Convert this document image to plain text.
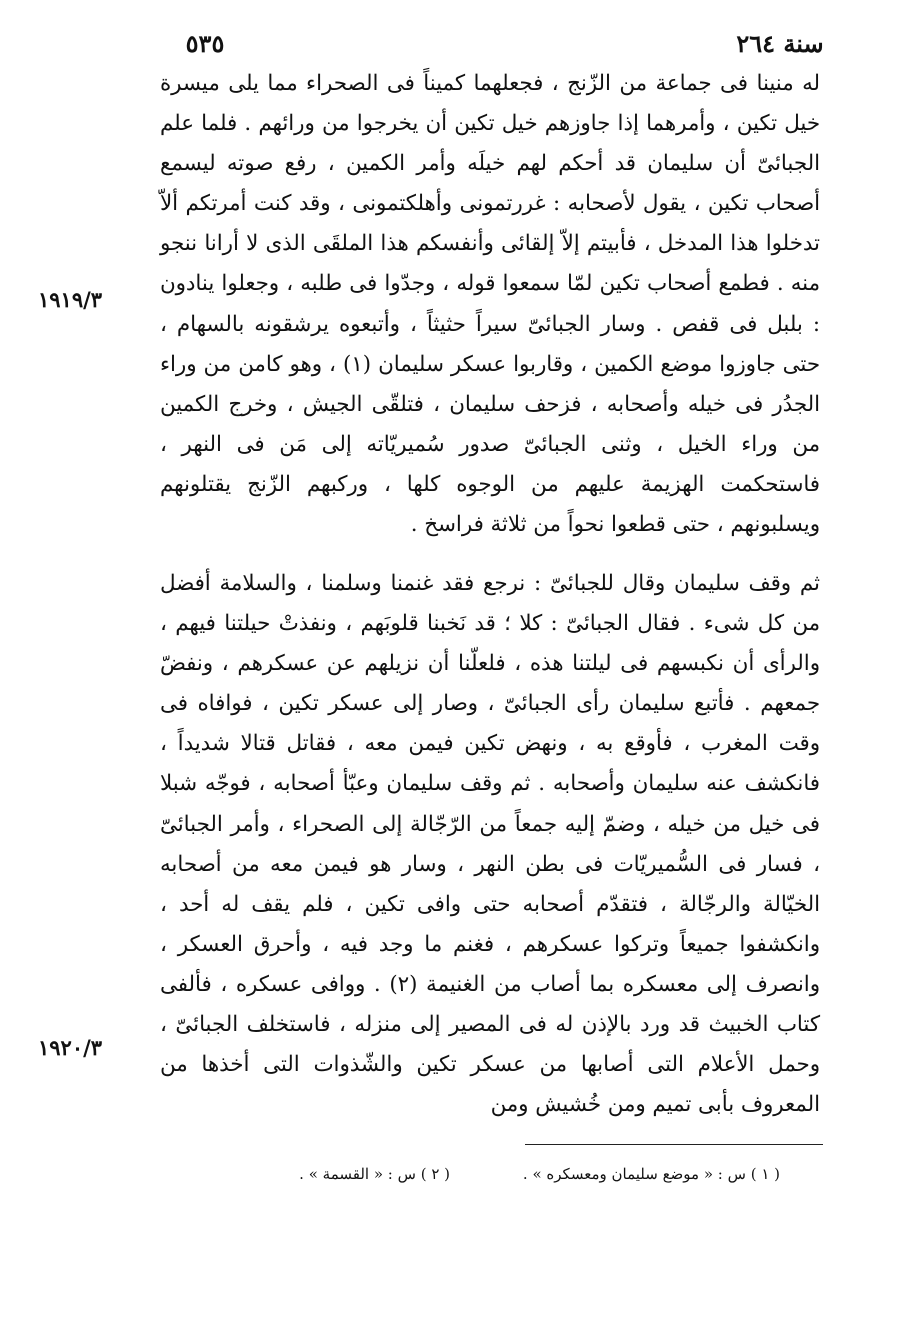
سنة ٢٦٤
٥٣٥

له منينا فى جماعة من الزّنج ، فجعلهما كميناً فى الصحراء مما يلى ميسرة خيل تكين ، وأمرهما إذا جاوزهم خيل تكين أن يخرجوا من ورائهم . فلما علم الجبائىّ أن سليمان قد أحكم لهم خيلَه وأمر الكمين ، رفع صوته ليسمع أصحاب تكين ، يقول لأصحابه : غررتمونى وأهلكتمونى ، وقد كنت أمرتكم ألاّ تدخلوا هذا المدخل ، فأبيتم إلاّ إلقائى وأنفسكم هذا الملقَى الذى لا أرانا ننجو منه . فطمع أصحاب تكين لمّا سمعوا قوله ، وجدّوا فى طلبه ، وجعلوا ينادون : بلبل فى قفص . وسار الجبائىّ سيراً حثيثاً ، وأتبعوه يرشقونه بالسهام ، حتى جاوزوا موضع الكمين ، وقاربوا عسكر سليمان (١) ، وهو كامن من وراء الجدُر فى خيله وأصحابه ، فزحف سليمان ، فتلقّى الجيش ، وخرج الكمين من وراء الخيل ، وثنى الجبائىّ صدور سُميريّاته إلى مَن فى النهر ، فاستحكمت الهزيمة عليهم من الوجوه كلها ، وركبهم الزّنج يقتلونهم ويسلبونهم ، حتى قطعوا نحواً من ثلاثة فراسخ .

ثم وقف سليمان وقال للجبائىّ : نرجع فقد غنمنا وسلمنا ، والسلامة أفضل من كل شىء . فقال الجبائىّ : كلا ؛ قد نَخبنا قلوبَهم ، ونفذتْ حيلتنا فيهم ، والرأى أن نكبسهم فى ليلتنا هذه ، فلعلّنا أن نزيلهم عن عسكرهم ، ونفضّ جمعهم . فأتبع سليمان رأى الجبائىّ ، وصار إلى عسكر تكين ، فوافاه فى وقت المغرب ، فأوقع به ، ونهض تكين فيمن معه ، فقاتل قتالا شديداً ، فانكشف عنه سليمان وأصحابه . ثم وقف سليمان وعبّأ أصحابه ، فوجّه شبلا فى خيل من خيله ، وضمّ إليه جمعاً من الرّجّالة إلى الصحراء ، وأمر الجبائىّ ، فسار فى السُّميريّات فى بطن النهر ، وسار هو فيمن معه من أصحابه الخيّالة والرجّالة ، فتقدّم أصحابه حتى وافى تكين ، فلم يقف له أحد ، وانكشفوا جميعاً وتركوا عسكرهم ، فغنم ما وجد فيه ، وأحرق العسكر ، وانصرف إلى معسكره بما أصاب من الغنيمة (٢) . ووافى عسكره ، فألفى كتاب الخبيث قد ورد بالإذن له فى المصير إلى منزله ، فاستخلف الجبائىّ ، وحمل الأعلام التى أصابها من عسكر تكين والشّذوات التى أخذها من المعروف بأبى تميم ومن خُشيش ومن

١٩١٩/٣
١٩٢٠/٣
( ١ ) س : « موضع سليمان ومعسكره » .
( ٢ ) س : « القسمة » .
